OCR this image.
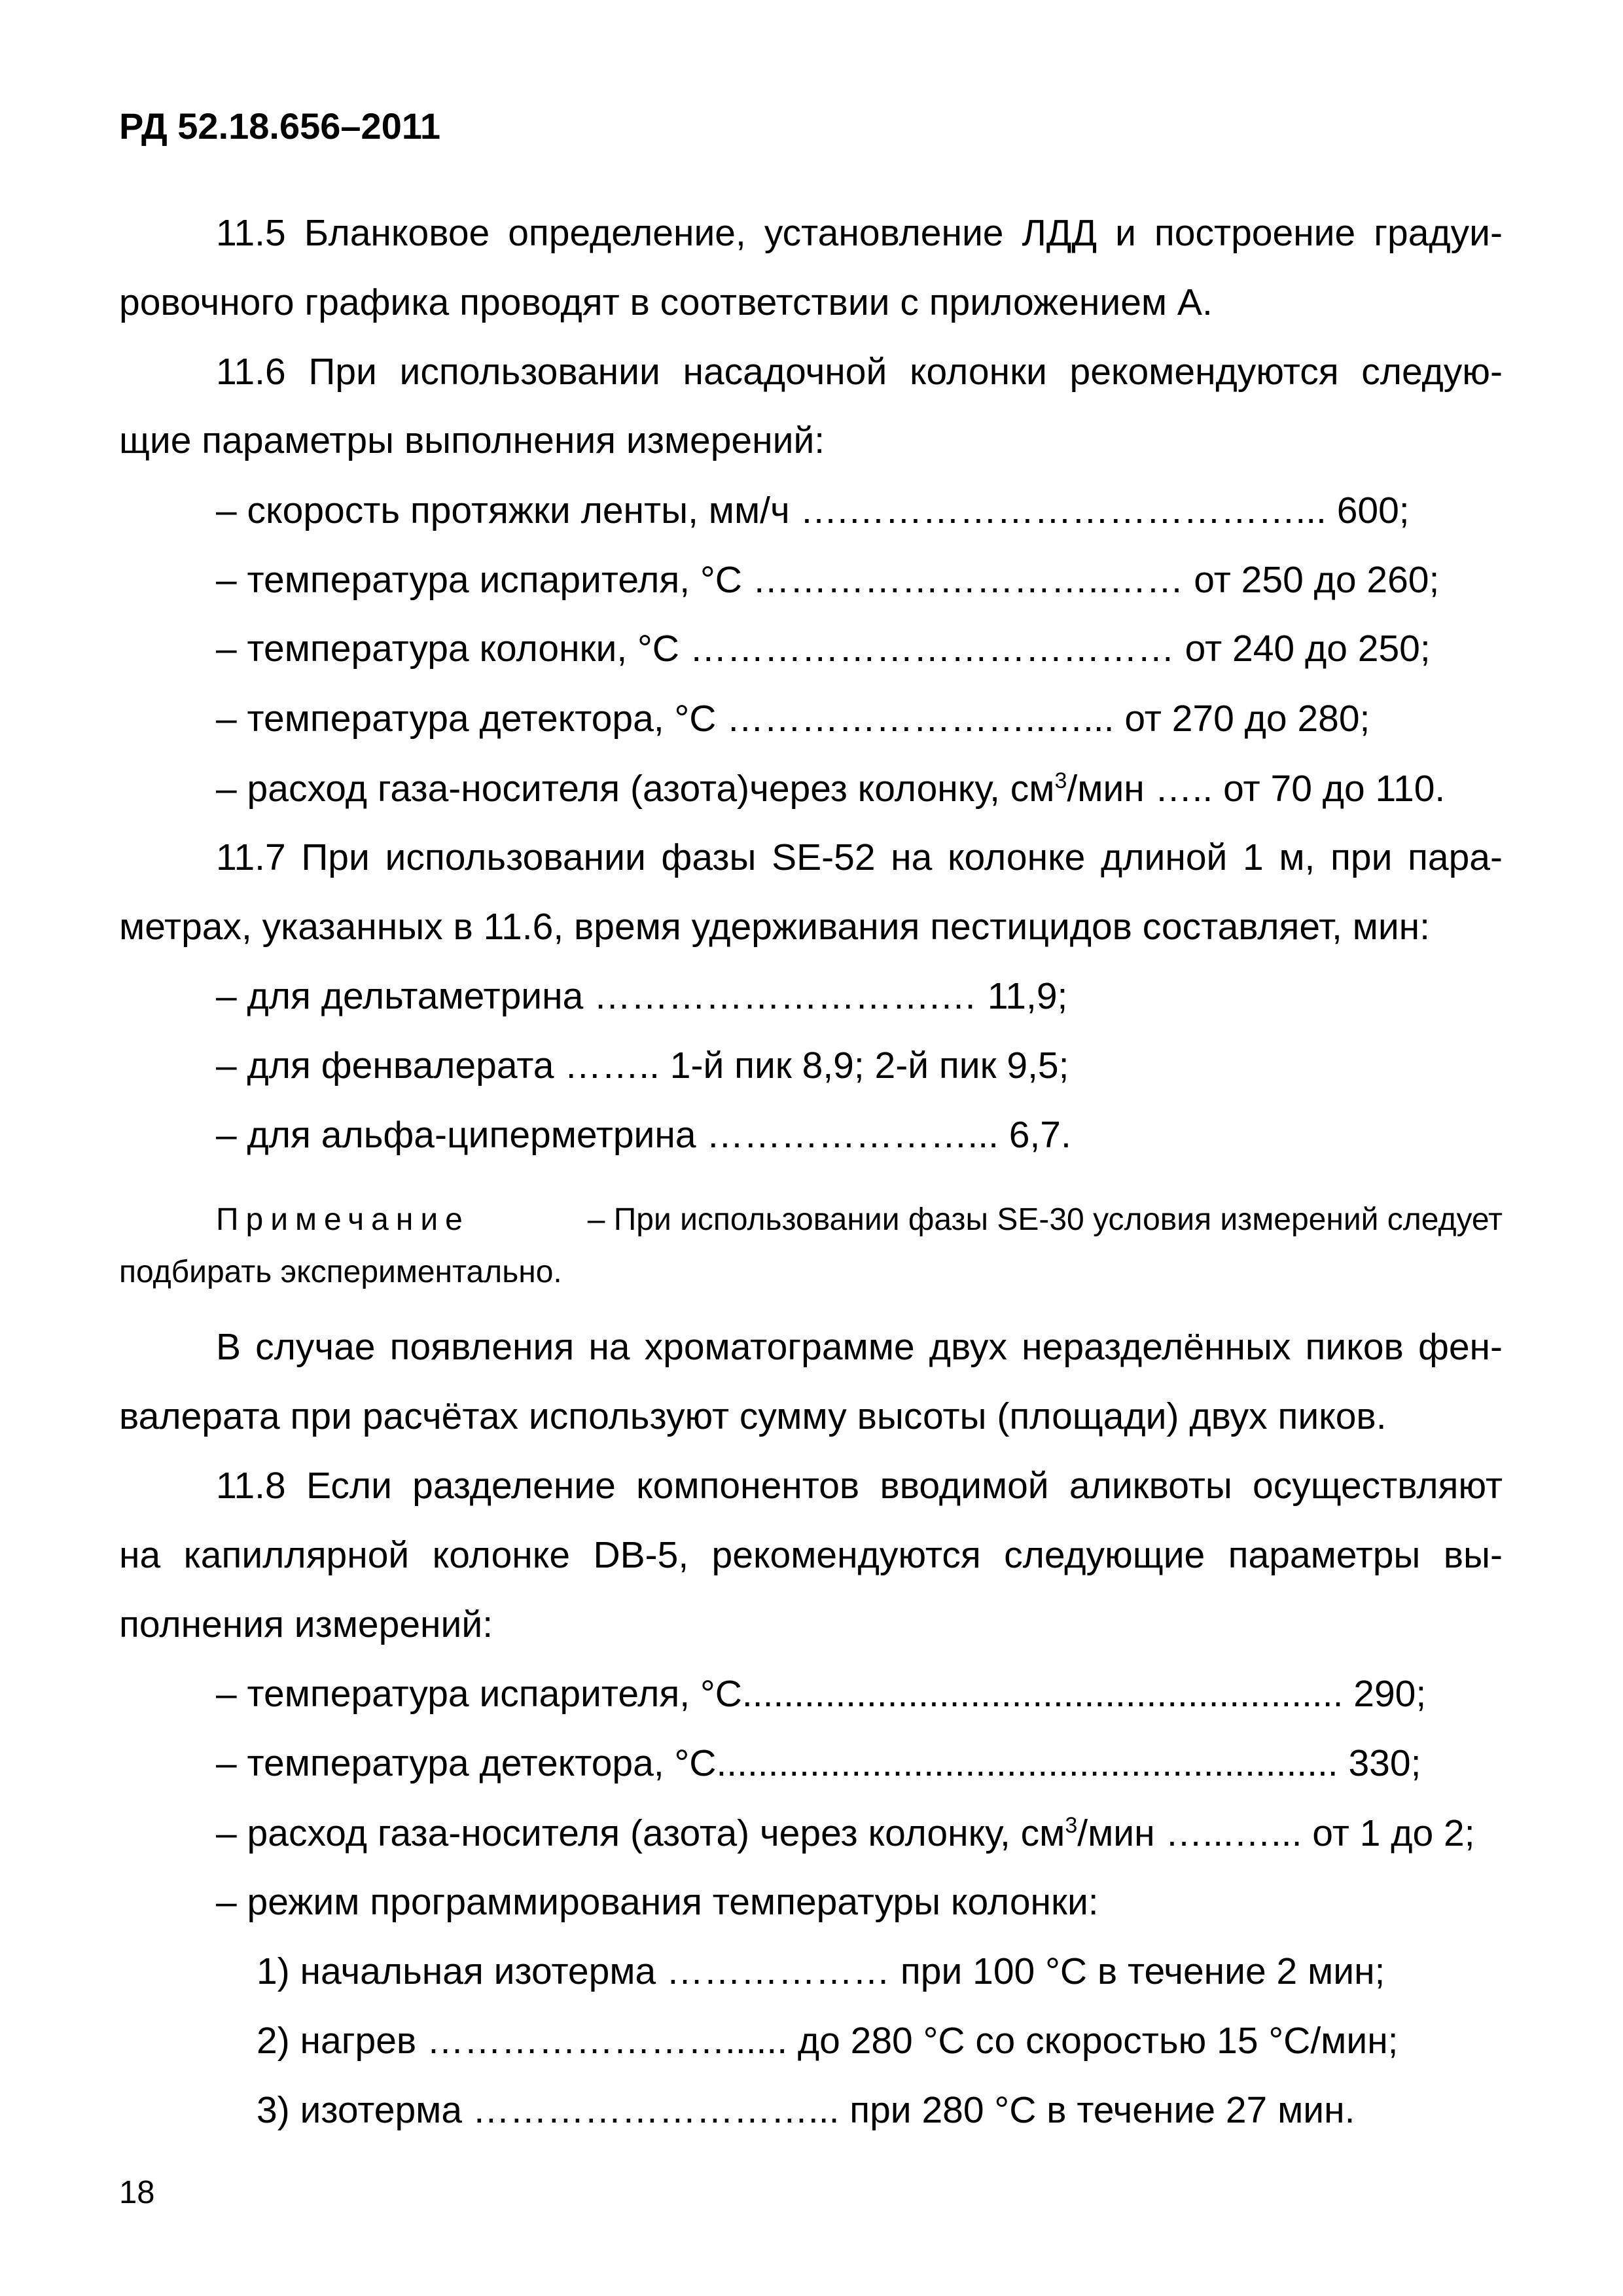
РД 52.18.656–2011
11.5 Бланковое определение, установление ЛДД и построение градуи-
ровочного графика проводят в соответствии с приложением А.
11.6 При использовании насадочной колонки рекомендуются следую-
щие параметры выполнения измерений:
– скорость протяжки ленты, мм/ч ….………………………………... 600;
– температура испарителя, °С ………………………..…… от 250 до 260;
– температура колонки, °С ………………………………… от 240 до 250;
– температура детектора, °С ……………………..…... от 270 до 280;
– расход газа-носителя (азота)через колонку, $см^3$/мин ….. от 70 до 110.
11.7 При использовании фазы SE-52 на колонке длиной 1 м, при пара-
метрах, указанных в 11.6, время удерживания пестицидов составляет, мин:
– для дельтаметрина ……………………….… 11,9;
– для фенвалерата …….. 1-й пик 8,9; 2-й пик 9,5;
– для альфа-циперметрина …………………... 6,7.
Примечание	– При использовании фазы SE-30 условия измерений следует
подбирать экспериментально.
В случае появления на хроматограмме двух неразделённых пиков фен-
валерата при расчётах используют сумму высоты (площади) двух пиков.
11.8 Если разделение компонентов вводимой аликвоты осуществляют
на капиллярной колонке DB-5, рекомендуются следующие параметры вы-
полнения измерений:
– температура испарителя, °С.......................................................... 290;
– температура детектора, °С............................................................ 330;
– расход газа-носителя (азота) через колонку, $см^3$/мин …...…... от 1 до 2;
– режим программирования температуры колонки:
1) начальная изотерма ……………… при 100 °С в течение 2 мин;
2) нагрев ……………………...... до 280 °С со скоростью 15 °С/мин;
3) изотерма ………………………... при 280 °С в течение 27 мин.
18
